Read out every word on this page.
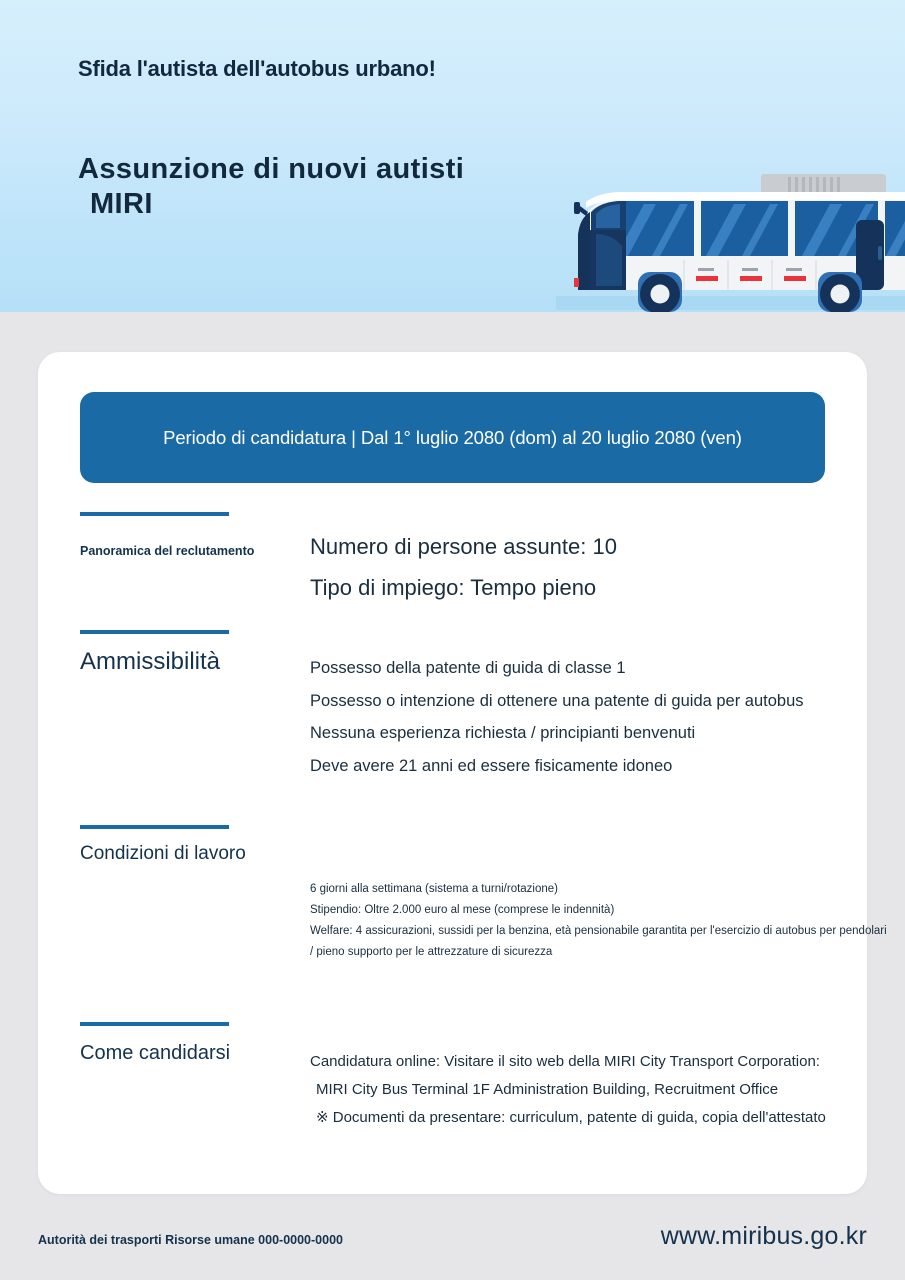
Sfida l'autista dell'autobus urbano!
Assunzione di nuovi autisti
MIRI
Periodo di candidatura | Dal 1° luglio 2080 (dom) al 20 luglio 2080 (ven)
Panoramica del reclutamento	Numero di persone assunte: 10
Tipo di impiego: Tempo pieno
Ammissibilità	Possesso della patente di guida di classe 1
Possesso o intenzione di ottenere una patente di guida per autobus
Nessuna esperienza richiesta / principianti benvenuti
Deve avere 21 anni ed essere fisicamente idoneo
Condizioni di lavoro
6 giorni alla settimana (sistema a turni/rotazione)
Stipendio: Oltre 2.000 euro al mese (comprese le indennità)
Welfare: 4 assicurazioni, sussidi per la benzina, età pensionabile garantita per l'esercizio di autobus per pendolari
/ pieno supporto per le attrezzature di sicurezza
Come candidarsi	Candidatura online: Visitare il sito web della MIRI City Transport Corporation:
MIRI City Bus Terminal 1F Administration Building, Recruitment Office
※ Documenti da presentare: curriculum, patente di guida, copia dell'attestato
Autorità dei trasporti Risorse umane 000-0000-0000	www.miribus.go.kr
